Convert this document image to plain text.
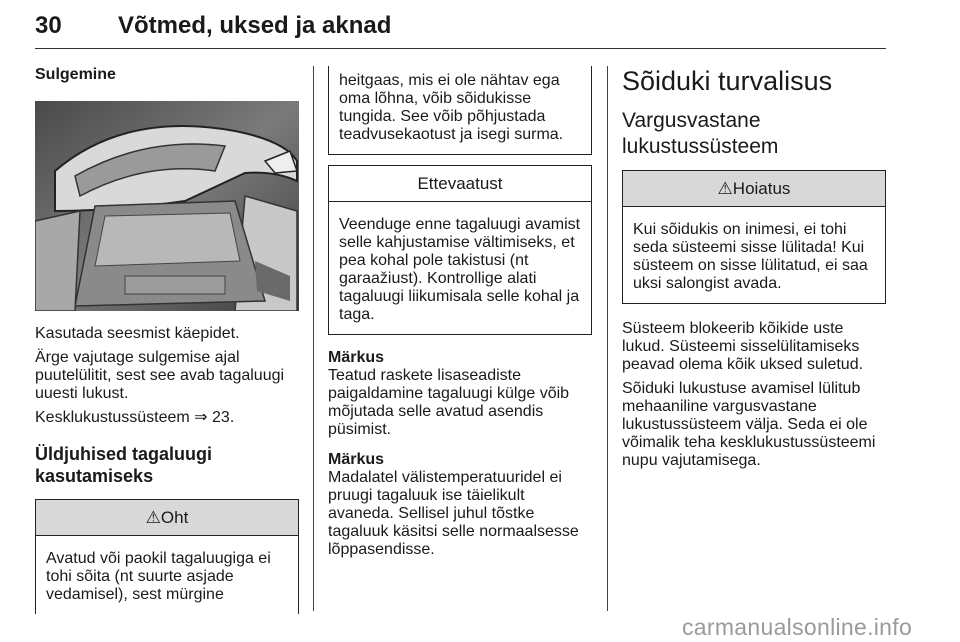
30 Võtmed, uksed ja aknad
Sulgemine

Kasutada seesmist käepidet.

Ärge vajutage sulgemise ajal puutelülitit, sest see avab tagaluugi uuesti lukust.

Kesklukustussüsteem ⇒ 23.

Üldjuhised tagaluugi kasutamiseks
⚠Oht
Avatud või paokil tagaluugiga ei tohi sõita (nt suurte asjade vedamisel), sest mürgine
heitgaas, mis ei ole nähtav ega oma lõhna, võib sõidukisse tungida. See võib põhjustada teadvusekaotust ja isegi surma.
Ettevaatust
Veenduge enne tagaluugi avamist selle kahjustamise vältimiseks, et pea kohal pole takistusi (nt garaažiust). Kontrollige alati tagaluugi liikumisala selle kohal ja taga.
Märkus

Teatud raskete lisaseadiste paigaldamine tagaluugi külge võib mõjutada selle avatud asendis püsimist.

Märkus

Madalatel välistemperatuuridel ei pruugi tagaluuk ise täielikult avaneda. Sellisel juhul tõstke tagaluuk käsitsi selle normaalsesse lõppasendisse.

Sõiduki turvalisus
Vargusvastane lukustussüsteem
⚠Hoiatus
Kui sõidukis on inimesi, ei tohi seda süsteemi sisse lülitada! Kui süsteem on sisse lülitatud, ei saa uksi salongist avada.

Süsteem blokeerib kõikide uste lukud. Süsteemi sisselülitamiseks peavad olema kõik uksed suletud.

Sõiduki lukustuse avamisel lülitub mehaaniline vargusvastane lukustussüsteem välja. Seda ei ole võimalik teha kesklukustussüsteemi nupu vajutamisega.

carmanualsonline.info
